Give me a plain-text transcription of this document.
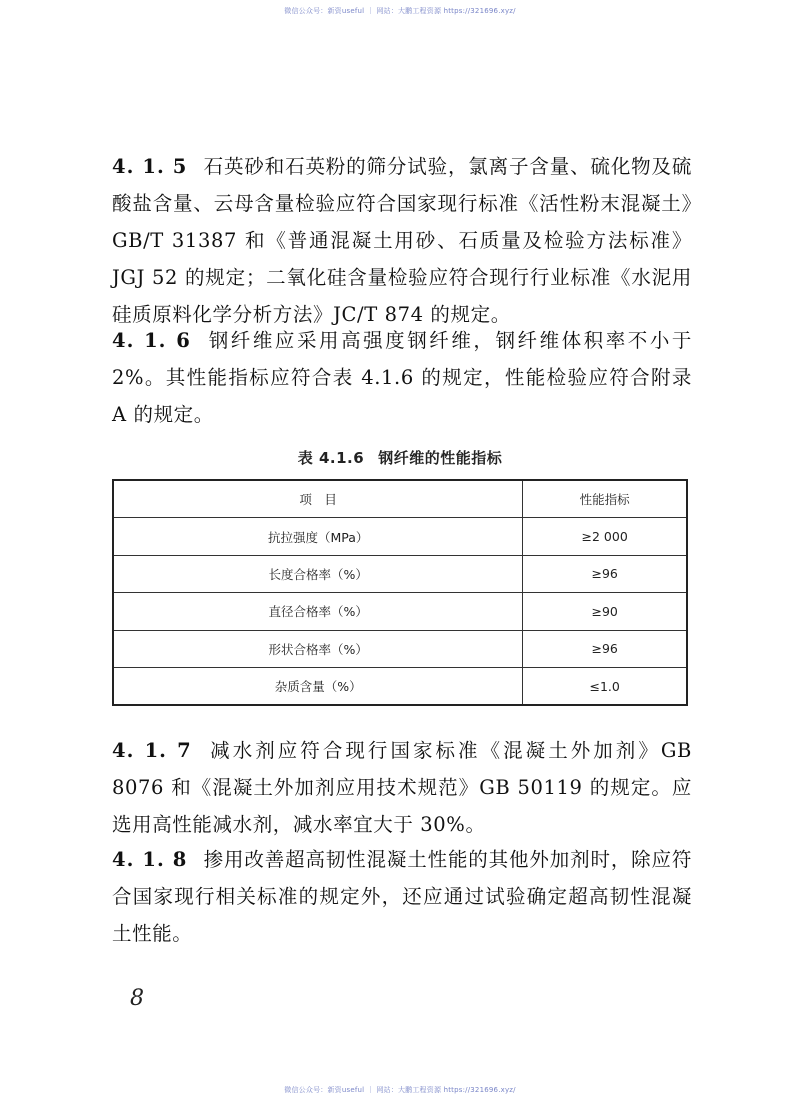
微信公众号：新资useful ｜ 网站：大鹏工程资源 https://321696.xyz/
4. 1. 5 石英砂和石英粉的筛分试验，氯离子含量、硫化物及硫酸盐含量、云母含量检验应符合国家现行标准《活性粉末混凝土》GB/T 31387 和《普通混凝土用砂、石质量及检验方法标准》JGJ 52 的规定；二氧化硅含量检验应符合现行行业标准《水泥用硅质原料化学分析方法》JC/T 874 的规定。
4. 1. 6 钢纤维应采用高强度钢纤维，钢纤维体积率不小于 2%。其性能指标应符合表 4.1.6 的规定，性能检验应符合附录 A 的规定。
表 4.1.6 钢纤维的性能指标
项　目	性能指标
抗拉强度（MPa）	≥2 000
长度合格率（%）	≥96
直径合格率（%）	≥90
形状合格率（%）	≥96
杂质含量（%）	≤1.0
4. 1. 7 减水剂应符合现行国家标准《混凝土外加剂》GB 8076 和《混凝土外加剂应用技术规范》GB 50119 的规定。应选用高性能减水剂，减水率宜大于 30%。
4. 1. 8 掺用改善超高韧性混凝土性能的其他外加剂时，除应符合国家现行相关标准的规定外，还应通过试验确定超高韧性混凝土性能。
8
微信公众号：新资useful ｜ 网站：大鹏工程资源 https://321696.xyz/
